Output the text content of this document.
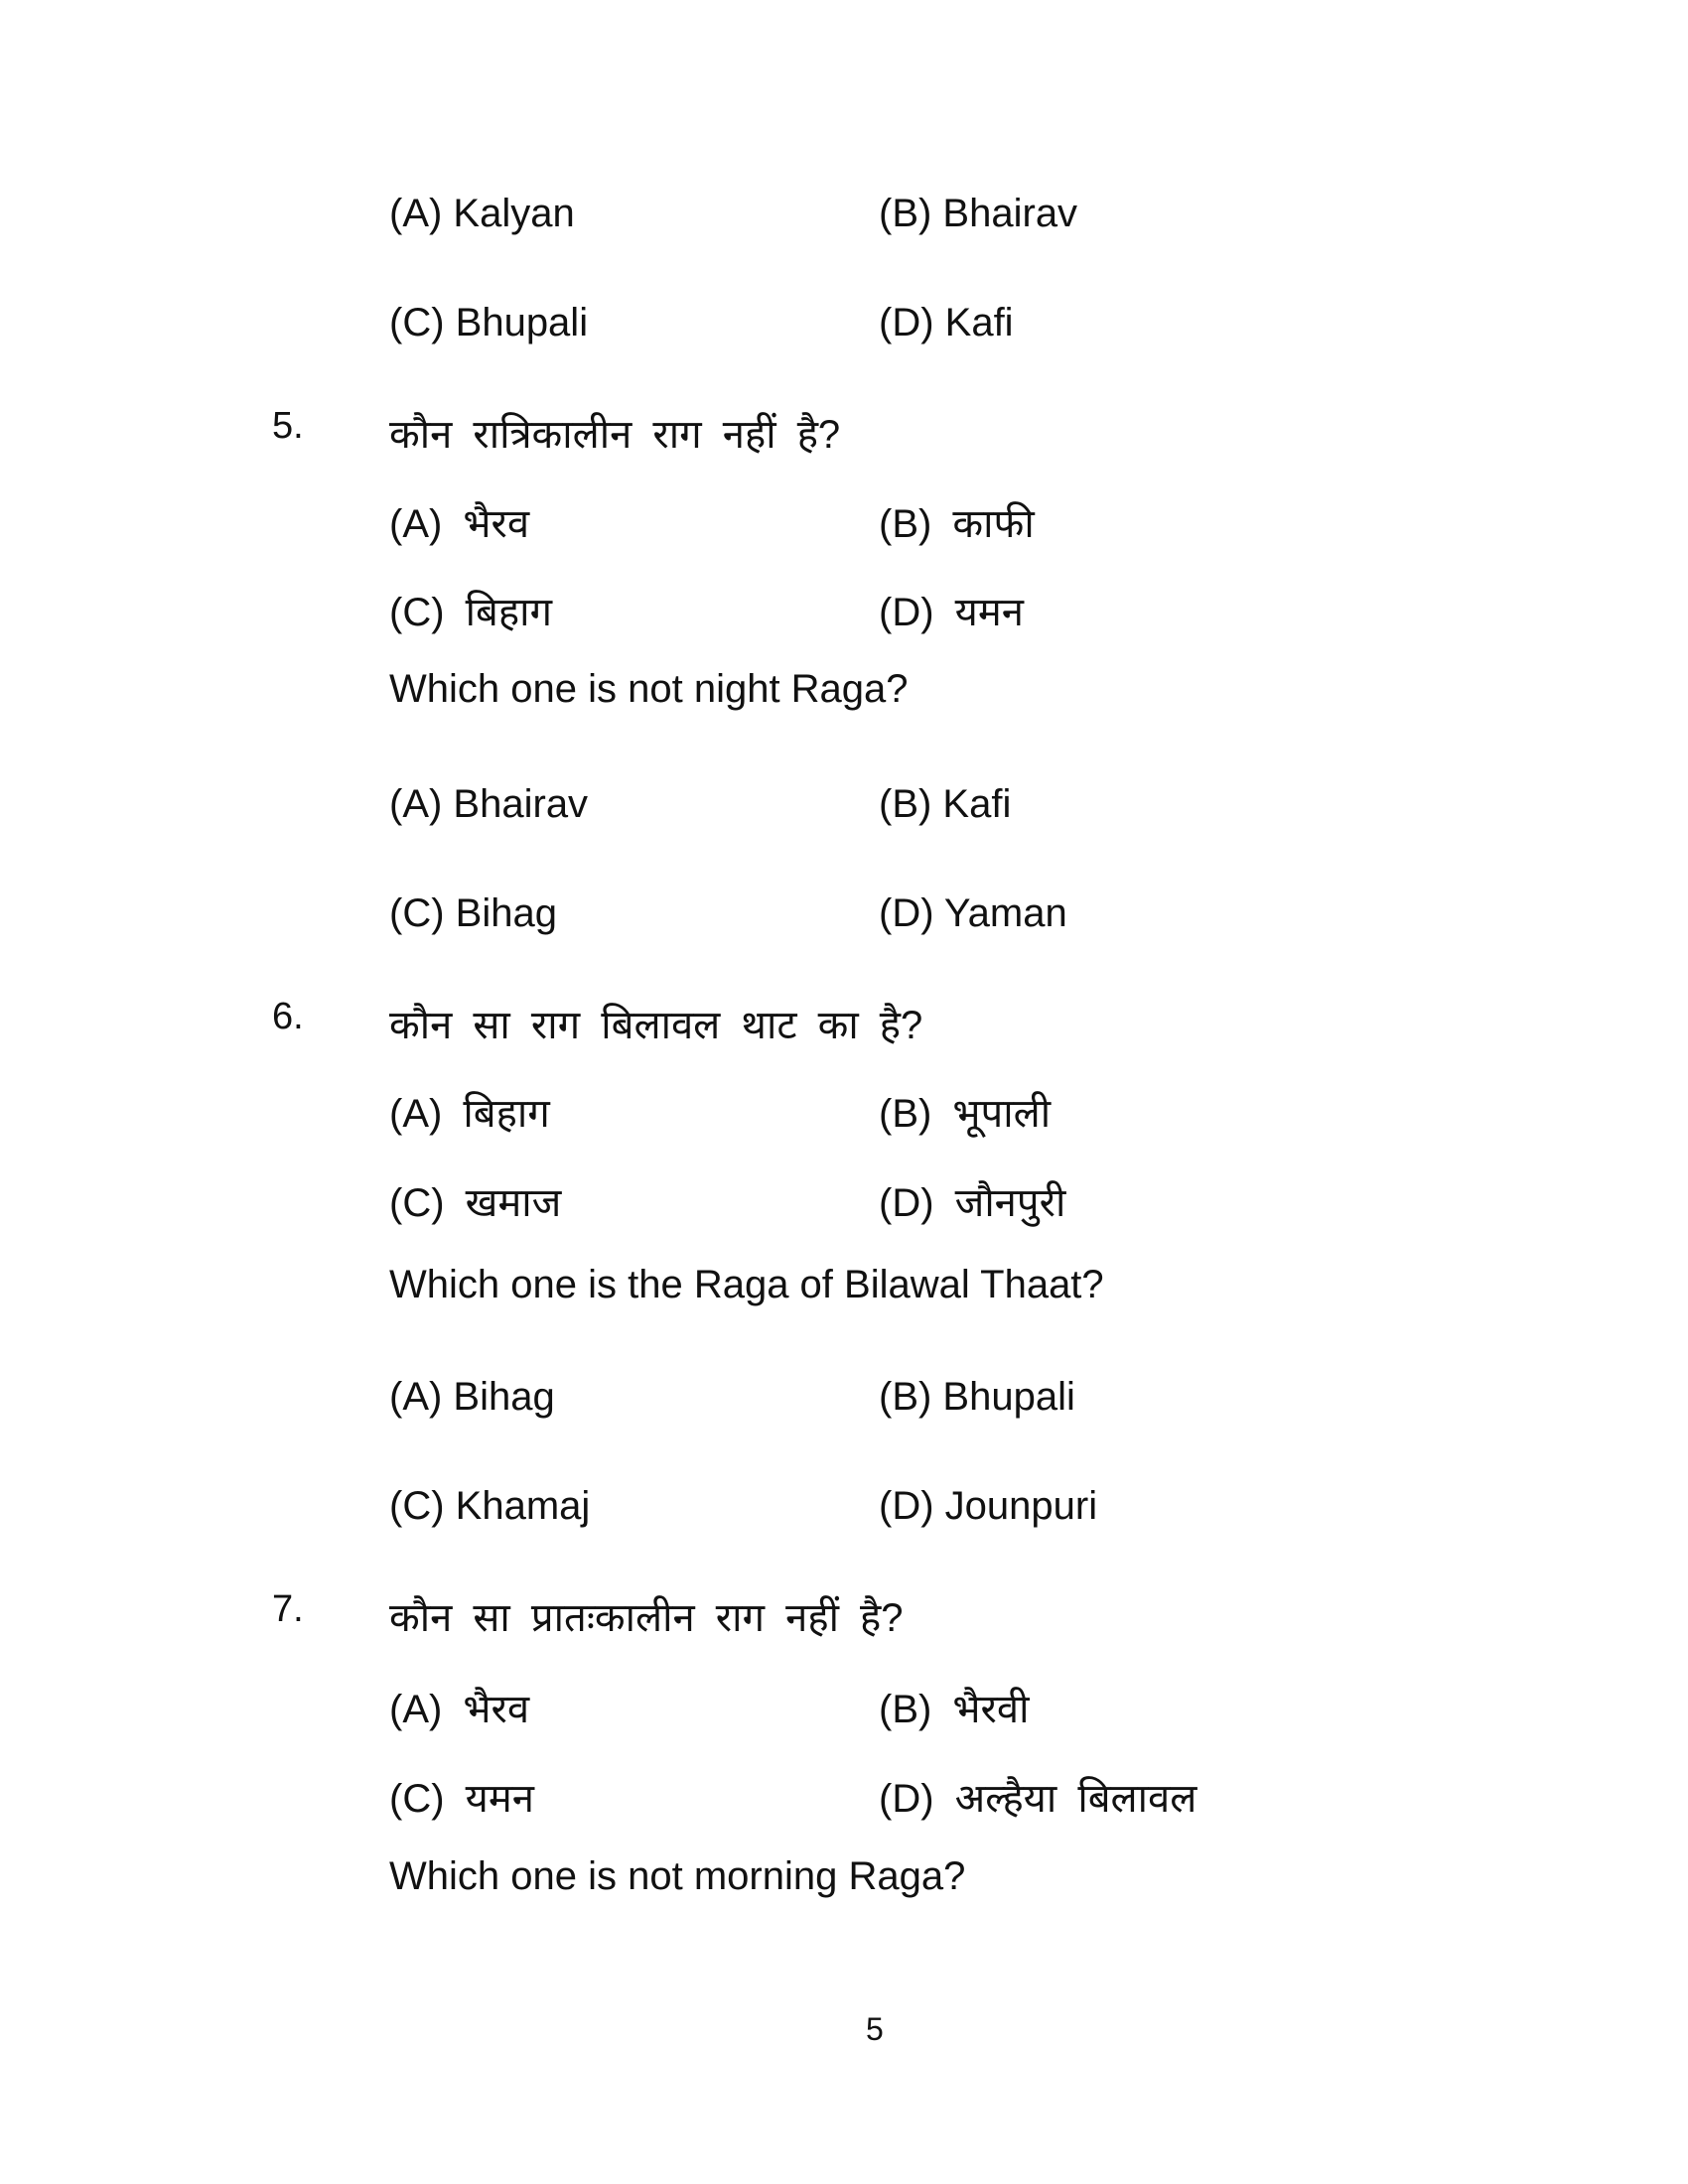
(A) Kalyan	(B) Bhairav
(C) Bhupali	(D) Kafi
5. कौन रात्रिकालीन राग नहीं है?
(A) भैरव	(B) काफी
(C) बिहाग	(D) यमन
Which one is not night Raga?
(A) Bhairav	(B) Kafi
(C) Bihag	(D) Yaman
6. कौन सा राग बिलावल थाट का है?
(A) बिहाग	(B) भूपाली
(C) खमाज	(D) जौनपुरी
Which one is the Raga of Bilawal Thaat?
(A) Bihag	(B) Bhupali
(C) Khamaj	(D) Jounpuri
7. कौन सा प्रातःकालीन राग नहीं है?
(A) भैरव	(B) भैरवी
(C) यमन	(D) अल्हैया बिलावल
Which one is not morning Raga?
5
